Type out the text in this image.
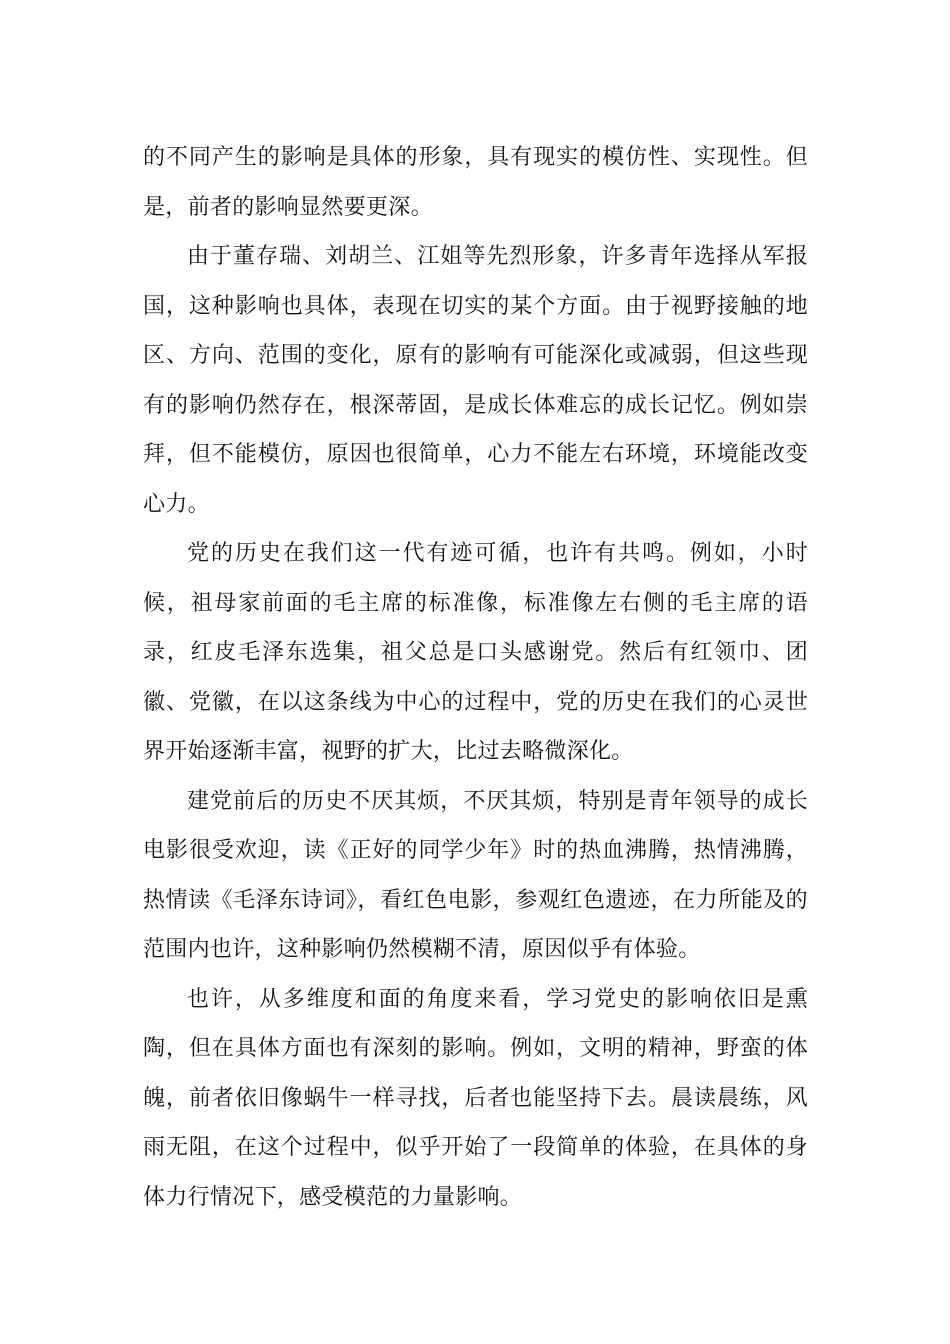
的不同产生的影响是具体的形象，具有现实的模仿性、实现性。但是，前者的影响显然要更深。

由于董存瑞、刘胡兰、江姐等先烈形象，许多青年选择从军报国，这种影响也具体，表现在切实的某个方面。由于视野接触的地区、方向、范围的变化，原有的影响有可能深化或减弱，但这些现有的影响仍然存在，根深蒂固，是成长体难忘的成长记忆。例如崇拜，但不能模仿，原因也很简单，心力不能左右环境，环境能改变心力。

党的历史在我们这一代有迹可循，也许有共鸣。例如，小时候，祖母家前面的毛主席的标准像，标准像左右侧的毛主席的语录，红皮毛泽东选集，祖父总是口头感谢党。然后有红领巾、团徽、党徽，在以这条线为中心的过程中，党的历史在我们的心灵世界开始逐渐丰富，视野的扩大，比过去略微深化。

建党前后的历史不厌其烦，不厌其烦，特别是青年领导的成长电影很受欢迎，读《正好的同学少年》时的热血沸腾，热情沸腾，热情读《毛泽东诗词》，看红色电影，参观红色遗迹，在力所能及的范围内也许，这种影响仍然模糊不清，原因似乎有体验。

也许，从多维度和面的角度来看，学习党史的影响依旧是熏陶，但在具体方面也有深刻的影响。例如，文明的精神，野蛮的体魄，前者依旧像蜗牛一样寻找，后者也能坚持下去。晨读晨练，风雨无阻，在这个过程中，似乎开始了一段简单的体验，在具体的身体力行情况下，感受模范的力量影响。
